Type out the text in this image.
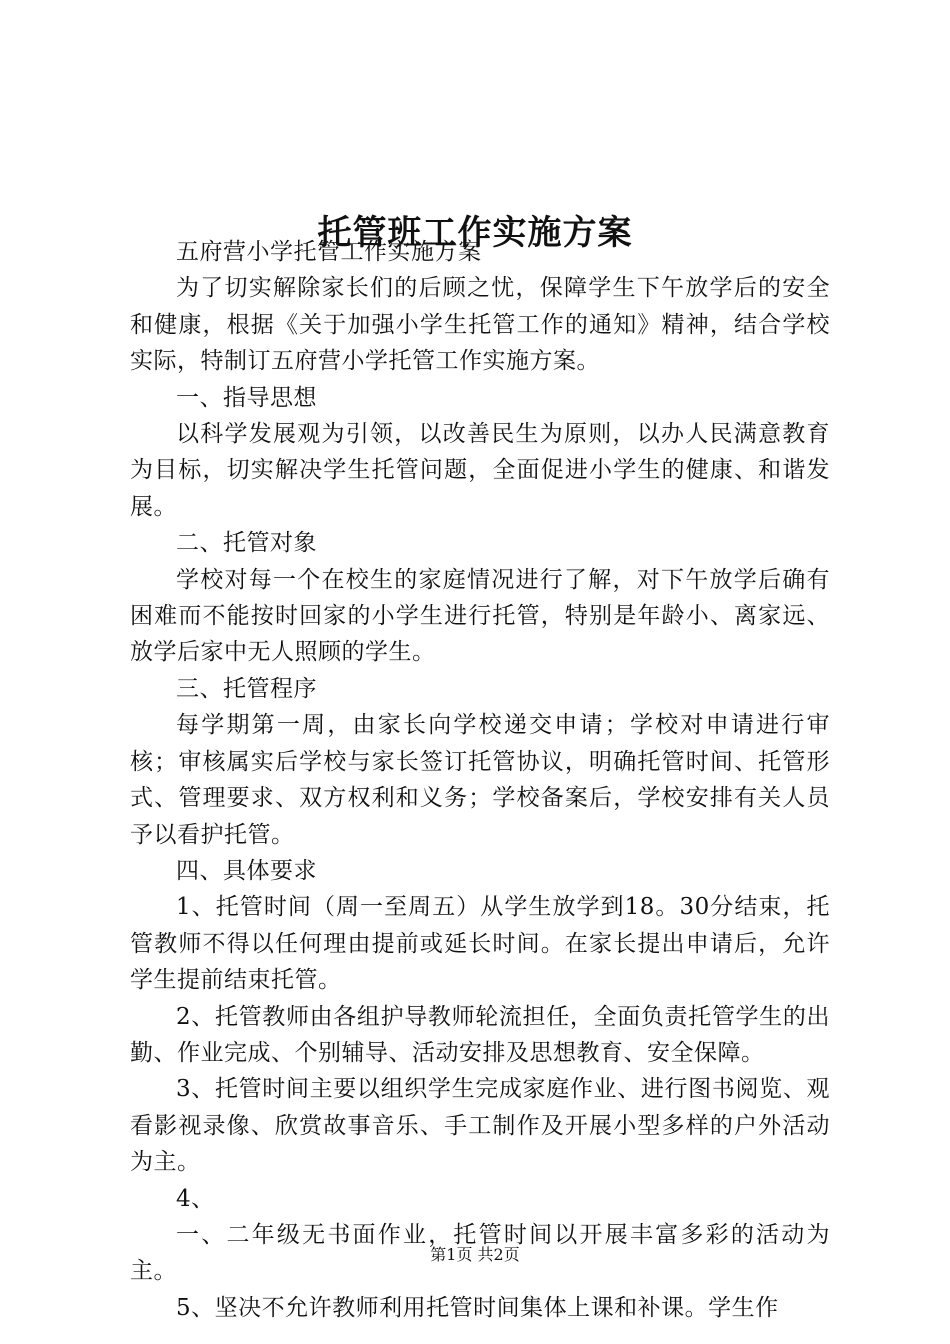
托管班工作实施方案

五府营小学托管工作实施方案

为了切实解除家长们的后顾之忧，保障学生下午放学后的安全和健康，根据《关于加强小学生托管工作的通知》精神，结合学校实际，特制订五府营小学托管工作实施方案。

一、指导思想

以科学发展观为引领，以改善民生为原则，以办人民满意教育为目标，切实解决学生托管问题，全面促进小学生的健康、和谐发展。

二、托管对象

学校对每一个在校生的家庭情况进行了解，对下午放学后确有困难而不能按时回家的小学生进行托管，特别是年龄小、离家远、放学后家中无人照顾的学生。

三、托管程序

每学期第一周，由家长向学校递交申请；学校对申请进行审核；审核属实后学校与家长签订托管协议，明确托管时间、托管形式、管理要求、双方权利和义务；学校备案后，学校安排有关人员予以看护托管。

四、具体要求

1、托管时间（周一至周五）从学生放学到18。30分结束，托管教师不得以任何理由提前或延长时间。在家长提出申请后，允许学生提前结束托管。

2、托管教师由各组护导教师轮流担任，全面负责托管学生的出勤、作业完成、个别辅导、活动安排及思想教育、安全保障。

3、托管时间主要以组织学生完成家庭作业、进行图书阅览、观看影视录像、欣赏故事音乐、手工制作及开展小型多样的户外活动为主。

4、

一、二年级无书面作业，托管时间以开展丰富多彩的活动为主。

5、坚决不允许教师利用托管时间集体上课和补课。学生作

第1页 共2页
